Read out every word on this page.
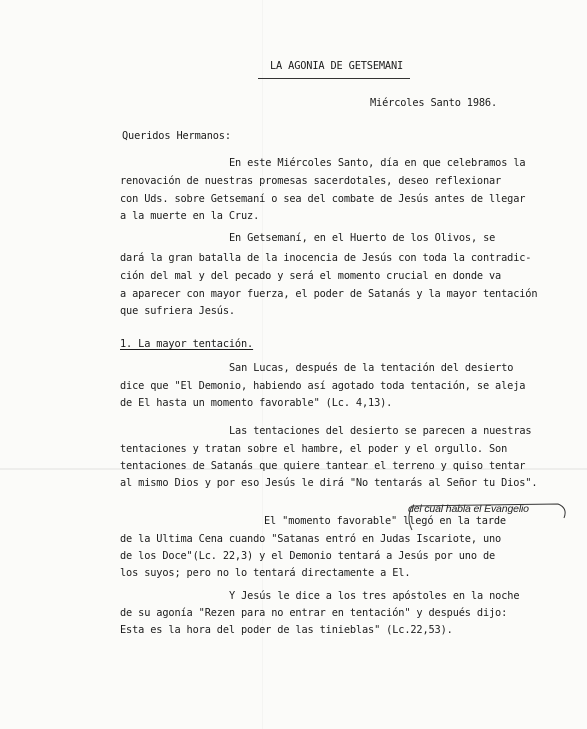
LA AGONIA DE GETSEMANI
Miércoles Santo 1986.
Queridos Hermanos:
En este Miércoles Santo, día en que celebramos la
renovación de nuestras promesas sacerdotales, deseo reflexionar
con Uds. sobre Getsemaní o sea del combate de Jesús antes de llegar
a la muerte en la Cruz.
En Getsemaní, en el Huerto de los Olivos, se
dará la gran batalla de la inocencia de Jesús con toda la contradic-
ción del mal y del pecado y será el momento crucial en donde va
a aparecer con mayor fuerza, el poder de Satanás y la mayor tentación
que sufriera Jesús.
1. La mayor tentación.
San Lucas, después de la tentación del desierto
dice que "El Demonio, habiendo así agotado toda tentación, se aleja
de El hasta un momento favorable" (Lc. 4,13).
Las tentaciones del desierto se parecen a nuestras
tentaciones y tratan sobre el hambre, el poder y el orgullo. Son
tentaciones de Satanás que quiere tantear el terreno y quiso tentar
al mismo Dios y por eso Jesús le dirá "No tentarás al Señor tu Dios".
del cual habla el Evangelio
El "momento favorable" llegó en la tarde
de la Ultima Cena cuando "Satanas entró en Judas Iscariote, uno
de los Doce"(Lc. 22,3) y el Demonio tentará a Jesús por uno de
los suyos; pero no lo tentará directamente a El.
Y Jesús le dice a los tres apóstoles en la noche
de su agonía "Rezen para no entrar en tentación" y después dijo:
Esta es la hora del poder de las tinieblas" (Lc.22,53).
